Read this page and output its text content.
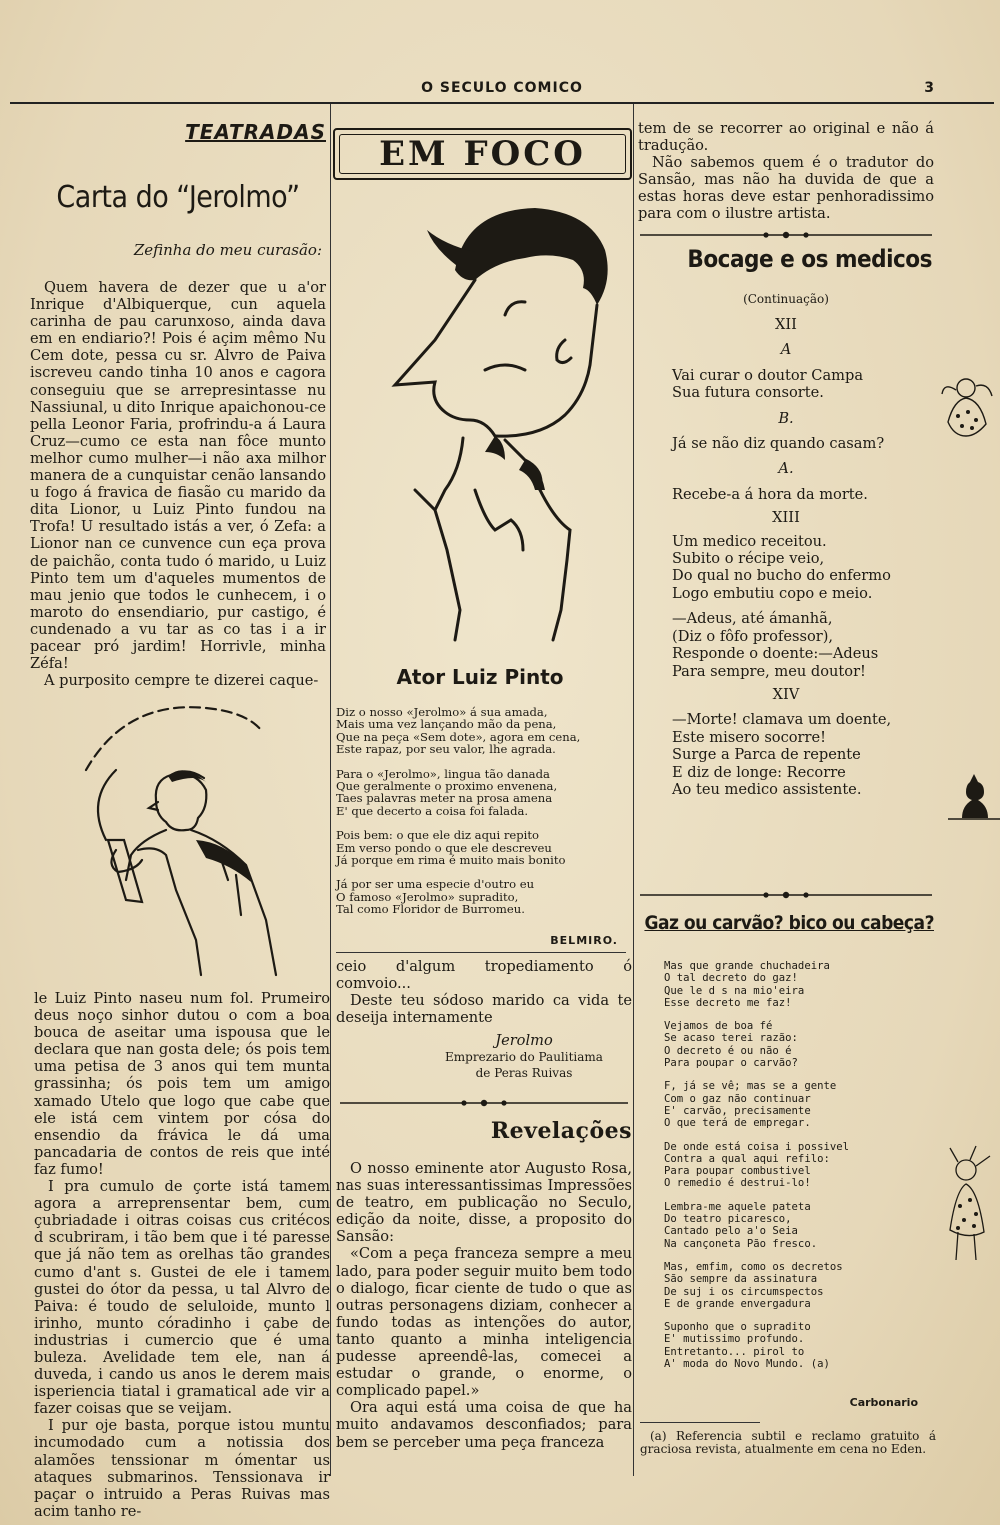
O SECULO COMICO	3
TEATRADAS
Carta do “Jerolmo”
Zefinha do meu curasão:

Quem havera de dezer que u a'or Inrique d'Albiquerque, cun aquela carinha de pau carunxoso, ainda dava em en endiario?! Pois é açim mêmo Nu Cem dote, pessa cu sr. Alvro de Paiva iscreveu cando tinha 10 anos e cagora conseguiu que se arrepresintasse nu Nassiunal, u dito Inrique apaichonou-ce pella Leonor Faria, profrindu-a á Laura Cruz—cumo ce esta nan fôce munto melhor cumo mulher—i não axa milhor manera de a cunquistar cenão lansando u fogo á fravica de fiasão cu marido da dita Lionor, u Luiz Pinto fundou na Trofa! U resultado istás a ver, ó Zefa: a Lionor nan ce cunvence cun eça prova de paichão, conta tudo ó marido, u Luiz Pinto tem um d'aqueles mumentos de mau jenio que todos le cunhecem, i o maroto do ensendiario, pur castigo, é cundenado a vu tar as co tas i a ir pacear pró jardim! Horrivle, minha Zéfa!

A purposito cempre te dizerei caque-

le Luiz Pinto naseu num fol. Prumeiro deus noço sinhor dutou o com a boa bouca de aseitar uma ispousa que le declara que nan gosta dele; ós pois tem uma petisa de 3 anos qui tem munta grassinha; ós pois tem um amigo xamado Utelo que logo que cabe que ele istá cem vintem por cósa do ensendio da frávica le dá uma pancadaria de contos de reis que inté faz fumo!

I pra cumulo de çorte istá tamem agora a arreprensentar bem, cum çubriadade i oitras coisas cus critécos d scubriram, i tão bem que i té paresse que já não tem as orelhas tão grandes cumo d'ant s. Gustei de ele i tamem gustei do ótor da pessa, u tal Alvro de Paiva: é toudo de seluloide, munto l irinho, munto córadinho i çabe de industrias i cumercio que é uma buleza. Avelidade tem ele, nan á duveda, i cando us anos le derem mais isperiencia tiatal i gramatical ade vir a fazer coisas que se veijam.

I pur oje basta, porque istou muntu incumodado cum a notissia dos alamões tenssionar m ómentar us ataques submarinos. Tenssionava ir paçar o intruido a Peras Ruivas mas acim tanho re-

EM FOCO
Ator Luiz Pinto
Diz o nosso «Jerolmo» á sua amada,
Mais uma vez lançando mão da pena,
Que na peça «Sem dote», agora em cena,
Este rapaz, por seu valor, lhe agrada.
Para o «Jerolmo», lingua tão danada
Que geralmente o proximo envenena,
Taes palavras meter na prosa amena
E' que decerto a coisa foi falada.
Pois bem: o que ele diz aqui repito
Em verso pondo o que ele descreveu
Já porque em rima é muito mais bonito
Já por ser uma especie d'outro eu
O famoso «Jerolmo» supradito,
Tal como Floridor de Burromeu.
BELMIRO.

ceio d'algum tropediamento ó comvoio...

Deste teu sódoso marido ca vida te deseija internamente

Jerolmo
Emprezario do Paulitiama
de Peras Ruivas
Revelações

O nosso eminente ator Augusto Rosa, nas suas interessantissimas Impressões de teatro, em publicação no Seculo, edição da noite, disse, a proposito do Sansão:

«Com a peça franceza sempre a meu lado, para poder seguir muito bem todo o dialogo, ficar ciente de tudo o que as outras personagens diziam, conhecer a fundo todas as intenções do autor, tanto quanto a minha inteligencia pudesse apreendê-las, comecei a estudar o grande, o enorme, o complicado papel.»

Ora aqui está uma coisa de que ha muito andavamos desconfiados; para bem se perceber uma peça franceza

tem de se recorrer ao original e não á tradução.

Não sabemos quem é o tradutor do Sansão, mas não ha duvida de que a estas horas deve estar penhoradissimo para com o ilustre artista.

Bocage e os medicos
(Continuação)
XII
A
Vai curar o doutor Campa
Sua futura consorte.
B.
Já se não diz quando casam?
A.
Recebe-a á hora da morte.
XIII
Um medico receitou.
Subito o récipe veio,
Do qual no bucho do enfermo
Logo embutiu copo e meio.
—Adeus, até ámanhã,
(Diz o fôfo professor),
Responde o doente:—Adeus
Para sempre, meu doutor!
XIV
—Morte! clamava um doente,
Este misero socorre!
Surge a Parca de repente
E diz de longe: Recorre
Ao teu medico assistente.
Gaz ou carvão? bico ou cabeça?
Mas que grande chuchadeira
O tal decreto do gaz!
Que le d s na mio'eira
Esse decreto me faz!
Vejamos de boa fé
Se acaso terei razão:
O decreto é ou não é
Para poupar o carvão?
F, já se vê; mas se a gente
Com o gaz não continuar
E' carvão, precisamente
O que terá de empregar.
De onde está coisa i possivel
Contra a qual aqui refilo:
Para poupar combustivel
O remedio é destrui-lo!
Lembra-me aquele pateta
Do teatro picaresco,
Cantado pelo a'o Seia
Na cançoneta Pão fresco.
Mas, emfim, como os decretos
São sempre da assinatura
De suj i os circumspectos
E de grande envergadura
Suponho que o supradito
E' mutissimo profundo.
Entretanto... pirol to
A' moda do Novo Mundo. (a)
Carbonario
(a) Referencia subtil e reclamo gratuito á graciosa revista, atualmente em cena no Eden.
